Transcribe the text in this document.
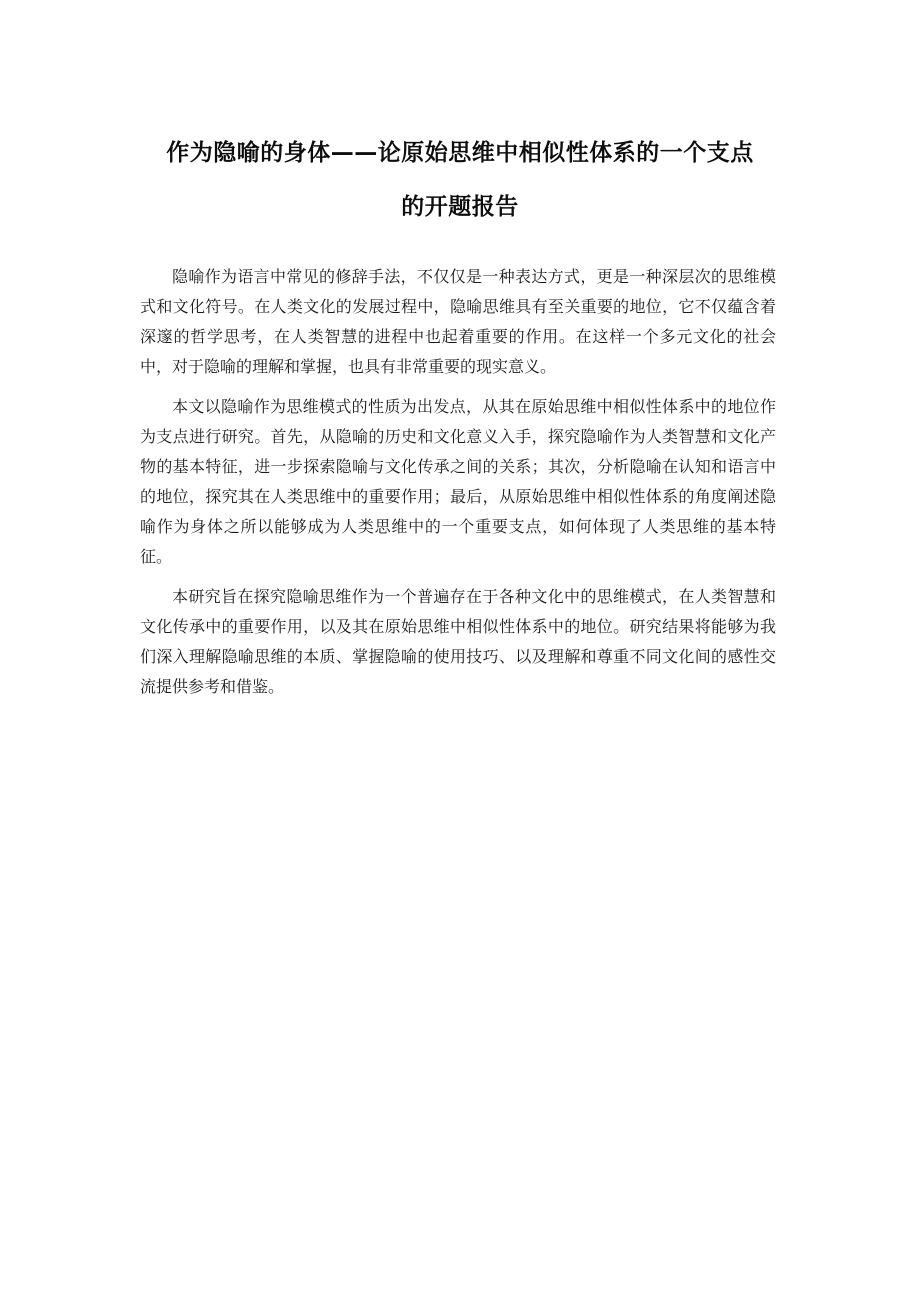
作为隐喻的身体——论原始思维中相似性体系的一个支点
的开题报告

隐喻作为语言中常见的修辞手法，不仅仅是一种表达方式，更是一种深层次的思维模式和文化符号。在人类文化的发展过程中，隐喻思维具有至关重要的地位，它不仅蕴含着深邃的哲学思考，在人类智慧的进程中也起着重要的作用。在这样一个多元文化的社会中，对于隐喻的理解和掌握，也具有非常重要的现实意义。

本文以隐喻作为思维模式的性质为出发点，从其在原始思维中相似性体系中的地位作为支点进行研究。首先，从隐喻的历史和文化意义入手，探究隐喻作为人类智慧和文化产物的基本特征，进一步探索隐喻与文化传承之间的关系；其次，分析隐喻在认知和语言中的地位，探究其在人类思维中的重要作用；最后，从原始思维中相似性体系的角度阐述隐喻作为身体之所以能够成为人类思维中的一个重要支点，如何体现了人类思维的基本特征。

本研究旨在探究隐喻思维作为一个普遍存在于各种文化中的思维模式，在人类智慧和文化传承中的重要作用，以及其在原始思维中相似性体系中的地位。研究结果将能够为我们深入理解隐喻思维的本质、掌握隐喻的使用技巧、以及理解和尊重不同文化间的感性交流提供参考和借鉴。
